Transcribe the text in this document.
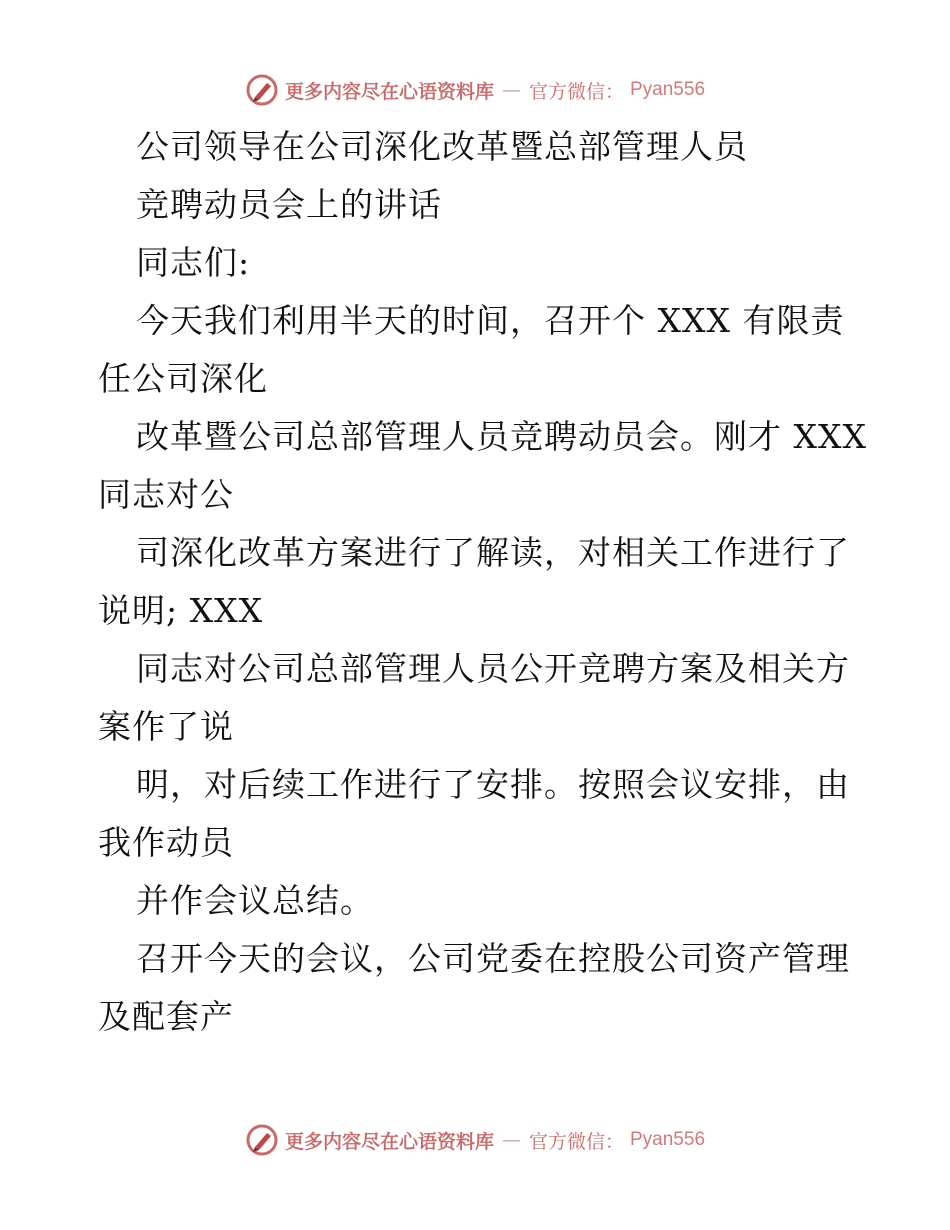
更多内容尽在心语资料库 — 官方微信： Pyan556
公司领导在公司深化改革暨总部管理人员
竞聘动员会上的讲话
同志们:
今天我们利用半天的时间，召开个 XXX 有限责
任公司深化
改革暨公司总部管理人员竞聘动员会。刚才 XXX
同志对公
司深化改革方案进行了解读，对相关工作进行了
说明; XXX
同志对公司总部管理人员公开竞聘方案及相关方
案作了说
明，对后续工作进行了安排。按照会议安排，由
我作动员
并作会议总结。
召开今天的会议，公司党委在控股公司资产管理
及配套产
更多内容尽在心语资料库 — 官方微信： Pyan556
